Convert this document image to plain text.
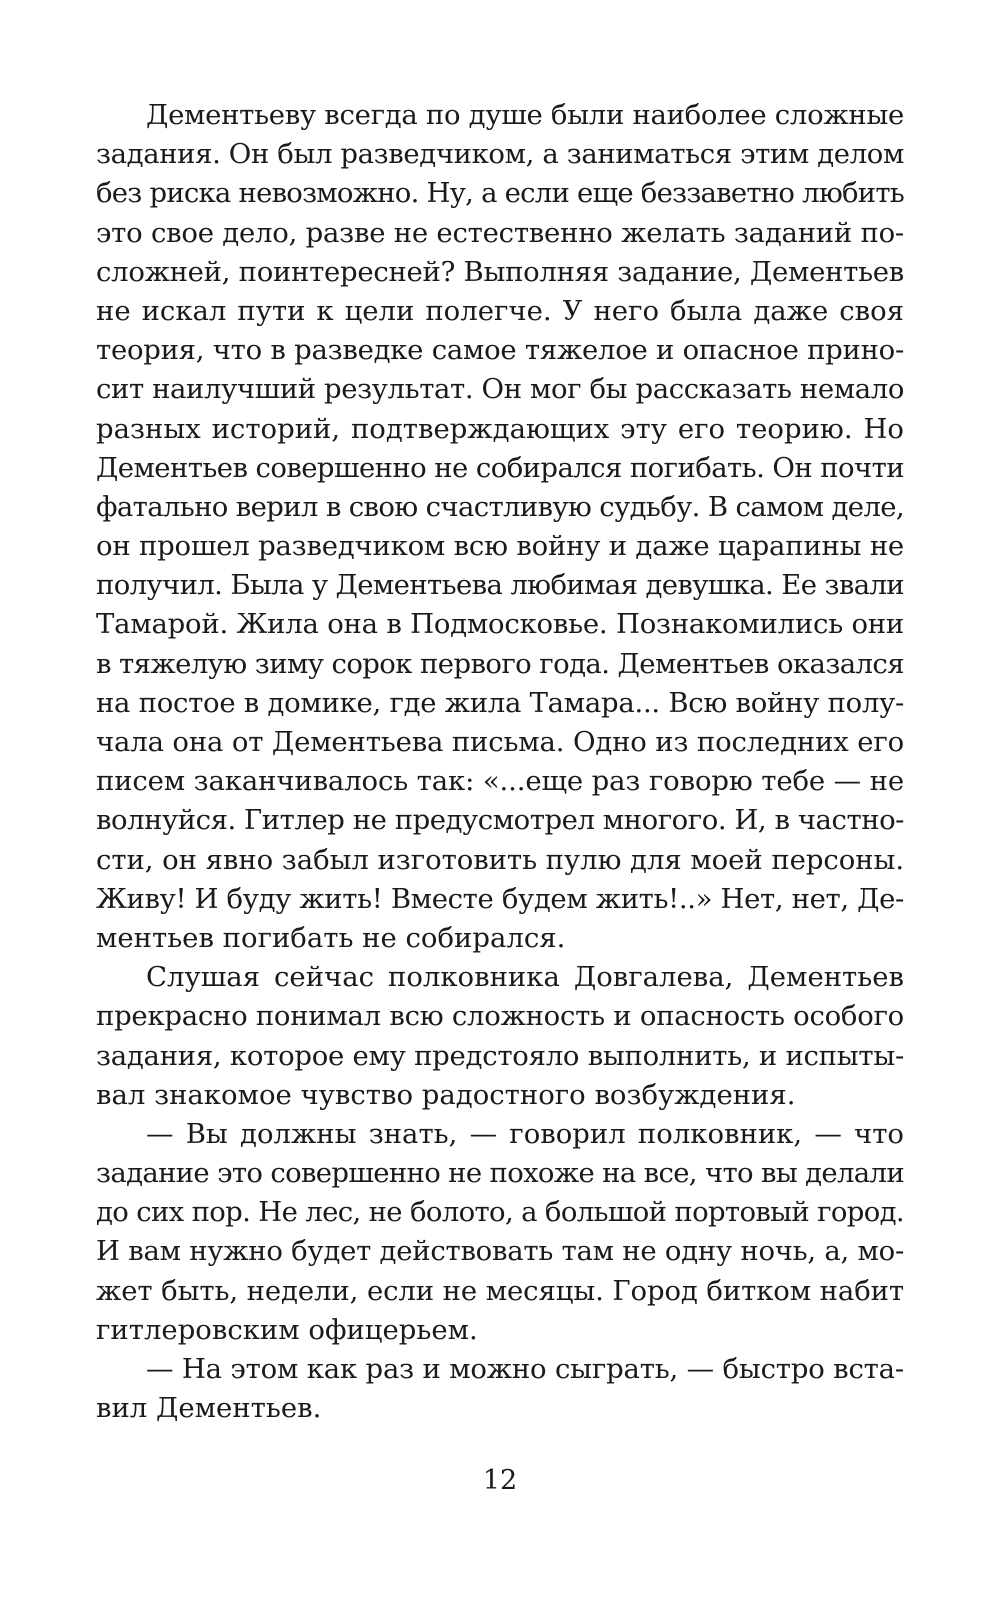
Дементьеву всегда по душе были наиболее сложные
задания. Он был разведчиком, а заниматься этим делом
без риска невозможно. Ну, а если еще беззаветно любить
это свое дело, разве не естественно желать заданий по-
сложней, поинтересней? Выполняя задание, Дементьев
не искал пути к цели полегче. У него была даже своя
теория, что в разведке самое тяжелое и опасное прино-
сит наилучший результат. Он мог бы рассказать немало
разных историй, подтверждающих эту его теорию. Но
Дементьев совершенно не собирался погибать. Он почти
фатально верил в свою счастливую судьбу. В самом деле,
он прошел разведчиком всю войну и даже царапины не
получил. Была у Дементьева любимая девушка. Ее звали
Тамарой. Жила она в Подмосковье. Познакомились они
в тяжелую зиму сорок первого года. Дементьев оказался
на постое в домике, где жила Тамара... Всю войну полу-
чала она от Дементьева письма. Одно из последних его
писем заканчивалось так: «...еще раз говорю тебе — не
волнуйся. Гитлер не предусмотрел многого. И, в частно-
сти, он явно забыл изготовить пулю для моей персоны.
Живу! И буду жить! Вместе будем жить!..» Нет, нет, Де-
ментьев погибать не собирался.
Слушая сейчас полковника Довгалева, Дементьев
прекрасно понимал всю сложность и опасность особого
задания, которое ему предстояло выполнить, и испыты-
вал знакомое чувство радостного возбуждения.
— Вы должны знать, — говорил полковник, — что
задание это совершенно не похоже на все, что вы делали
до сих пор. Не лес, не болото, а большой портовый город.
И вам нужно будет действовать там не одну ночь, а, мо-
жет быть, недели, если не месяцы. Город битком набит
гитлеровским офицерьем.
— На этом как раз и можно сыграть, — быстро вста-
вил Дементьев.
12
